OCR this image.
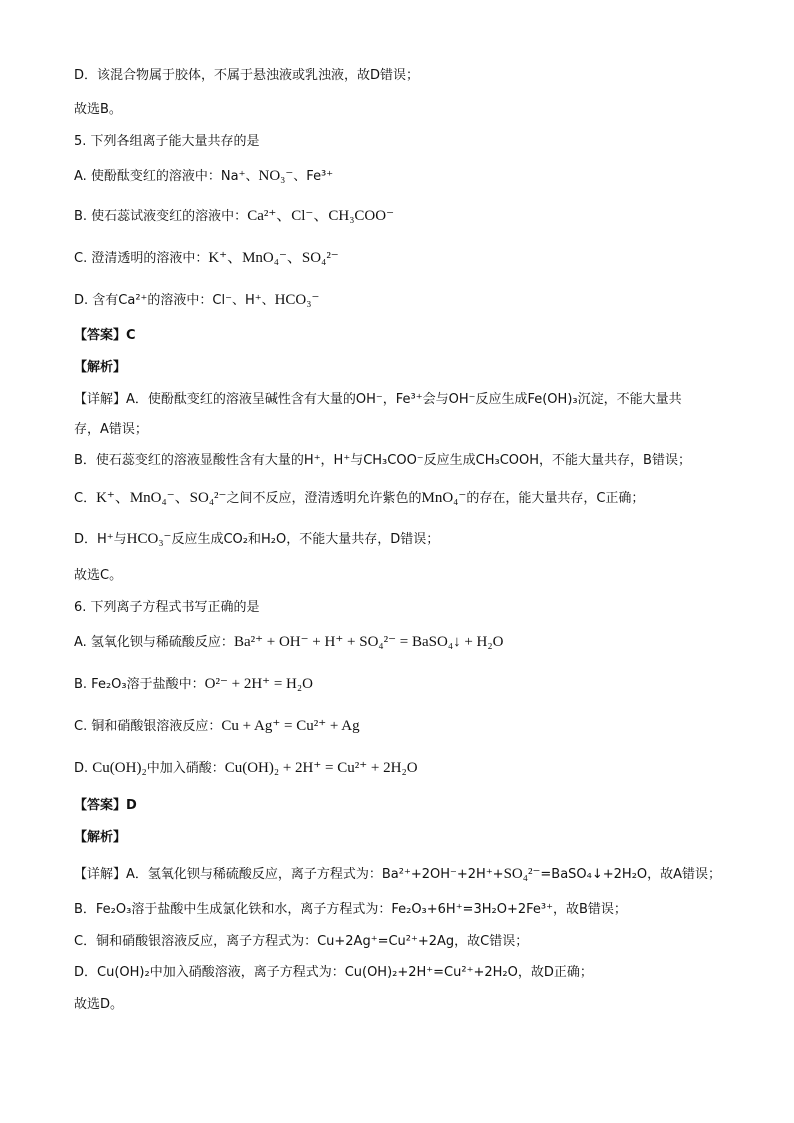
D．该混合物属于胶体，不属于悬浊液或乳浊液，故D错误；
故选B。
5. 下列各组离子能大量共存的是
A. 使酚酞变红的溶液中：Na⁺、NO₃⁻、Fe³⁺
B. 使石蕊试液变红的溶液中：Ca²⁺、Cl⁻、CH₃COO⁻
C. 澄清透明的溶液中：K⁺、MnO₄⁻、SO₄²⁻
D. 含有Ca²⁺的溶液中：Cl⁻、H⁺、HCO₃⁻
【答案】C
【解析】
【详解】A．使酚酞变红的溶液呈碱性含有大量的OH⁻，Fe³⁺会与OH⁻反应生成Fe(OH)₃沉淀，不能大量共
存，A错误；
B．使石蕊变红的溶液显酸性含有大量的H⁺，H⁺与CH₃COO⁻反应生成CH₃COOH，不能大量共存，B错误；
C．K⁺、MnO₄⁻、SO₄²⁻之间不反应，澄清透明允许紫色的MnO₄⁻的存在，能大量共存，C正确；
D．H⁺与HCO₃⁻反应生成CO₂和H₂O，不能大量共存，D错误；
故选C。
6. 下列离子方程式书写正确的是
A. 氢氧化钡与稀硫酸反应：Ba²⁺ + OH⁻ + H⁺ + SO₄²⁻ = BaSO₄↓ + H₂O
B. Fe₂O₃溶于盐酸中：O²⁻ + 2H⁺ = H₂O
C. 铜和硝酸银溶液反应：Cu + Ag⁺ = Cu²⁺ + Ag
D. Cu(OH)₂中加入硝酸：Cu(OH)₂ + 2H⁺ = Cu²⁺ + 2H₂O
【答案】D
【解析】
【详解】A．氢氧化钡与稀硫酸反应，离子方程式为：Ba²⁺+2OH⁻+2H⁺+SO₄²⁻=BaSO₄↓+2H₂O，故A错误；
B．Fe₂O₃溶于盐酸中生成氯化铁和水，离子方程式为：Fe₂O₃+6H⁺=3H₂O+2Fe³⁺，故B错误；
C．铜和硝酸银溶液反应，离子方程式为：Cu+2Ag⁺=Cu²⁺+2Ag，故C错误；
D．Cu(OH)₂中加入硝酸溶液，离子方程式为：Cu(OH)₂+2H⁺=Cu²⁺+2H₂O，故D正确；
故选D。
